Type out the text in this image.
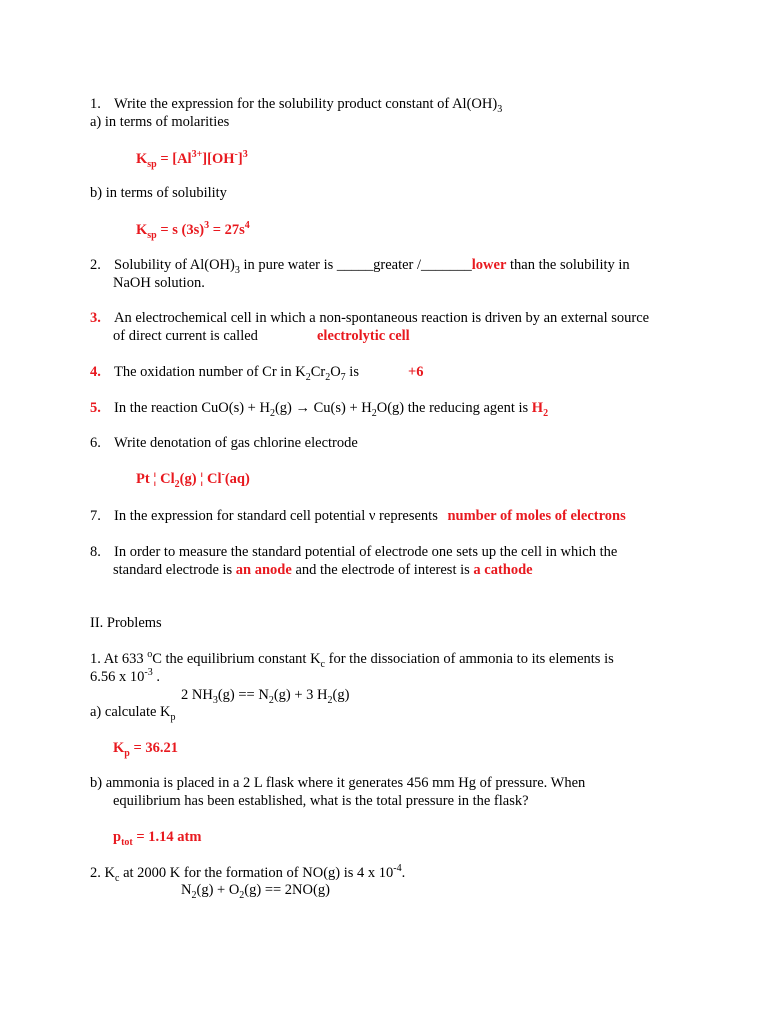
1. Write the expression for the solubility product constant of $Al(OH)_3$
a) in terms of molarities
$K_{sp} = [Al^{3+}][OH^-]^3$
b) in terms of solubility
$K_{sp} = s$ $(3s)^3 = 27s^4$
2. Solubility of $Al(OH)_3$ in pure water is _____greater /_______lower than the solubility in
NaOH solution.
3. An electrochemical cell in which a non-spontaneous reaction is driven by an external source
of direct current is called	electrolytic cell
4. The oxidation number of Cr in $K_2Cr_2O_7$ is	+6
5. In the reaction $CuO(s) + H_2(g) \to Cu(s) + H_2O(g)$ the reducing agent is $H_2$
6. Write denotation of gas chlorine electrode
Pt ¦ $Cl_2(g)$ ¦ Cl-(aq)
7. In the expression for standard cell potential ν represents number of moles of electrons
8. In order to measure the standard potential of electrode one sets up the cell in which the
standard electrode is an anode and the electrode of interest is a cathode
II. Problems
1. At 633 $^o$C the equilibrium constant $K_c$ for the dissociation of ammonia to its elements is
6.56 x $10^{-3}$ .
2 $NH_3(g) == N_2(g) + 3$ $H_2(g)$
a) calculate $K_p$
$K_p = 36.21$
b) ammonia is placed in a 2 L flask where it generates 456 mm Hg of pressure. When
equilibrium has been established, what is the total pressure in the flask?
$p_{tot} = 1.14$ atm
2. $K_c$ at 2000 K for the formation of NO(g) is 4 x $10^{-4}$.
$N_2(g) + O_2(g) == 2NO(g)$
